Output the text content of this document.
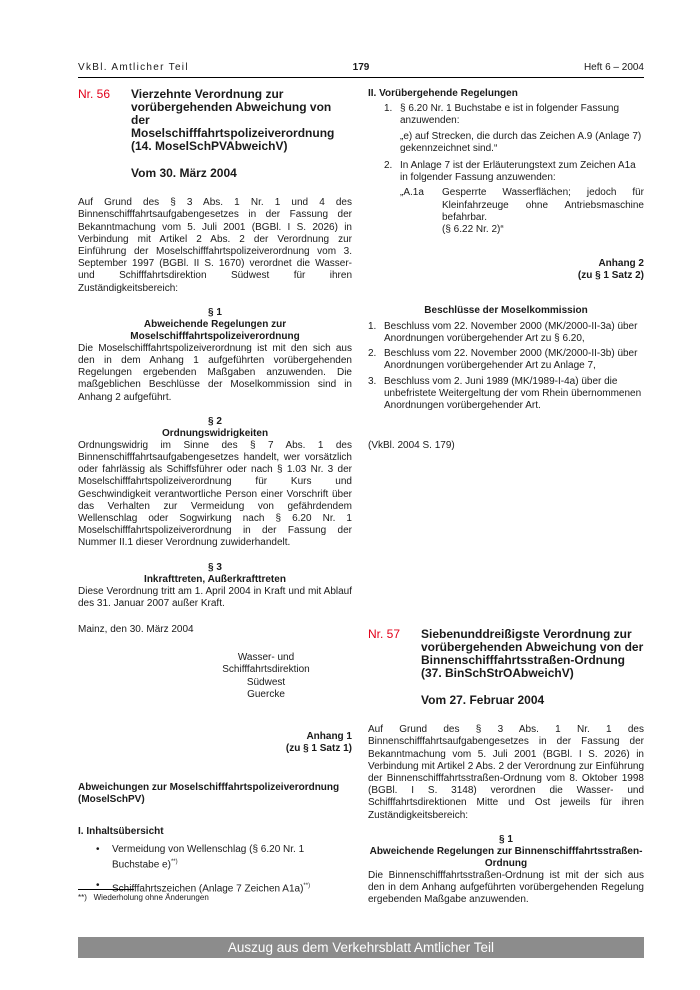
VkBl. Amtlicher Teil	179	Heft 6 – 2004
Nr. 56	Vierzehnte Verordnung zur vorübergehenden Abweichung von der Moselschifffahrtspolizeiverordnung (14. MoselSchPVAbweichV)
Vom 30. März 2004

Auf Grund des § 3 Abs. 1 Nr. 1 und 4 des Binnenschifffahrtsaufgabengesetzes in der Fassung der Bekanntmachung vom 5. Juli 2001 (BGBl. I S. 2026) in Verbindung mit Artikel 2 Abs. 2 der Verordnung zur Einführung der Moselschifffahrtspolizeiverordnung vom 3. September 1997 (BGBl. II S. 1670) verordnet die Wasser- und Schifffahrtsdirektion Südwest für ihren Zuständigkeitsbereich:

§ 1
Abweichende Regelungen zur Moselschifffahrtspolizeiverordnung

Die Moselschifffahrtspolizeiverordnung ist mit den sich aus den in dem Anhang 1 aufgeführten vorübergehenden Regelungen ergebenden Maßgaben anzuwenden. Die maßgeblichen Beschlüsse der Moselkommission sind in Anhang 2 aufgeführt.

§ 2
Ordnungswidrigkeiten

Ordnungswidrig im Sinne des § 7 Abs. 1 des Binnenschifffahrtsaufgabengesetzes handelt, wer vorsätzlich oder fahrlässig als Schiffsführer oder nach § 1.03 Nr. 3 der Moselschifffahrtspolizeiverordnung für Kurs und Geschwindigkeit verantwortliche Person einer Vorschrift über das Verhalten zur Vermeidung von gefährdendem Wellenschlag oder Sogwirkung nach § 6.20 Nr. 1 Moselschifffahrtspolizeiverordnung in der Fassung der Nummer II.1 dieser Verordnung zuwiderhandelt.

§ 3
Inkrafttreten, Außerkrafttreten

Diese Verordnung tritt am 1. April 2004 in Kraft und mit Ablauf des 31. Januar 2007 außer Kraft.

Mainz, den 30. März 2004

Wasser- und Schifffahrtsdirektion
Südwest
Guercke
Anhang 1
(zu § 1 Satz 1)

Abweichungen zur Moselschifffahrtspolizeiverordnung (MoselSchPV)

I. Inhaltsübersicht

•	Vermeidung von Wellenschlag (§ 6.20 Nr. 1 Buchstabe e)**)
•	Schifffahrtszeichen (Anlage 7 Zeichen A1a)**)
**) Wiederholung ohne Änderungen

II. Vorübergehende Regelungen

1. § 6.20 Nr. 1 Buchstabe e ist in folgender Fassung anzuwenden:
„e) auf Strecken, die durch das Zeichen A.9 (Anlage 7) gekennzeichnet sind.“
2. In Anlage 7 ist der Erläuterungstext zum Zeichen A1a in folgender Fassung anzuwenden:
„A.1a	Gesperrte Wasserflächen; jedoch für Kleinfahrzeuge ohne Antriebsmaschine befahrbar.
(§ 6.22 Nr. 2)“
Anhang 2
(zu § 1 Satz 2)

Beschlüsse der Moselkommission

1. Beschluss vom 22. November 2000 (MK/2000-II-3a) über Anordnungen vorübergehender Art zu § 6.20,
2. Beschluss vom 22. November 2000 (MK/2000-II-3b) über Anordnungen vorübergehender Art zu Anlage 7,
3. Beschluss vom 2. Juni 1989 (MK/1989-I-4a) über die unbefristete Weitergeltung der vom Rhein übernommenen Anordnungen vorübergehender Art.

(VkBl. 2004 S. 179)

Nr. 57	Siebenunddreißigste Verordnung zur vorübergehenden Abweichung von der Binnenschifffahrtsstraßen-Ordnung (37. BinSchStrOAbweichV)
Vom 27. Februar 2004

Auf Grund des § 3 Abs. 1 Nr. 1 des Binnenschifffahrtsaufgabengesetzes in der Fassung der Bekanntmachung vom 5. Juli 2001 (BGBl. I S. 2026) in Verbindung mit Artikel 2 Abs. 2 der Verordnung zur Einführung der Binnenschifffahrtsstraßen-Ordnung vom 8. Oktober 1998 (BGBl. I S. 3148) verordnen die Wasser- und Schifffahrtsdirektionen Mitte und Ost jeweils für ihren Zuständigkeitsbereich:

§ 1
Abweichende Regelungen zur Binnenschifffahrtsstraßen-Ordnung

Die Binnenschifffahrtsstraßen-Ordnung ist mit der sich aus den in dem Anhang aufgeführten vorübergehenden Regelung ergebenden Maßgabe anzuwenden.

Auszug aus dem Verkehrsblatt Amtlicher Teil
